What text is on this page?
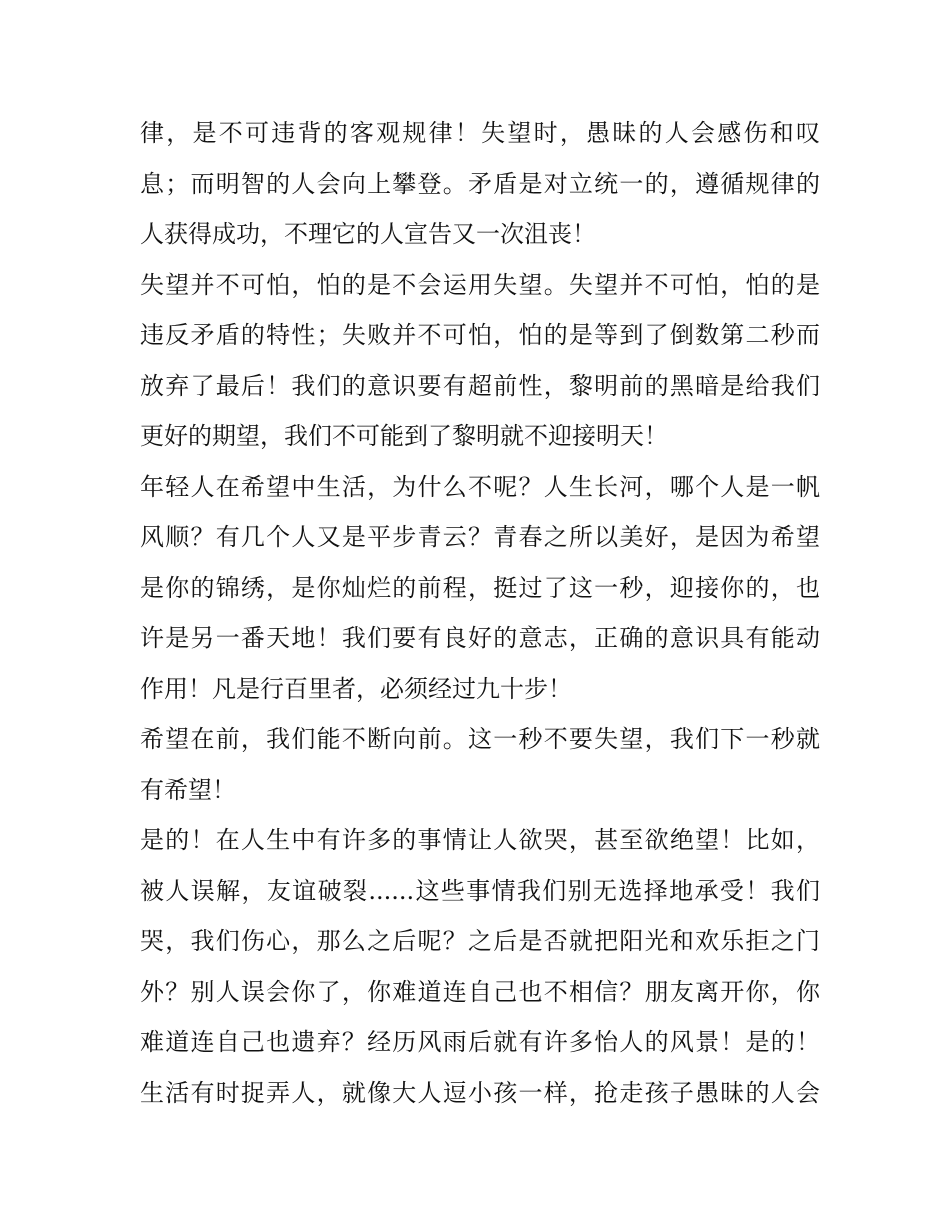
律，是不可违背的客观规律！失望时，愚昧的人会感伤和叹
息；而明智的人会向上攀登。矛盾是对立统一的，遵循规律的
人获得成功，不理它的人宣告又一次沮丧！
失望并不可怕，怕的是不会运用失望。失望并不可怕，怕的是
违反矛盾的特性；失败并不可怕，怕的是等到了倒数第二秒而
放弃了最后！我们的意识要有超前性，黎明前的黑暗是给我们
更好的期望，我们不可能到了黎明就不迎接明天！
年轻人在希望中生活，为什么不呢？人生长河，哪个人是一帆
风顺？有几个人又是平步青云？青春之所以美好，是因为希望
是你的锦绣，是你灿烂的前程，挺过了这一秒，迎接你的，也
许是另一番天地！我们要有良好的意志，正确的意识具有能动
作用！凡是行百里者，必须经过九十步！
希望在前，我们能不断向前。这一秒不要失望，我们下一秒就
有希望！
是的！在人生中有许多的事情让人欲哭，甚至欲绝望！比如，
被人误解，友谊破裂......这些事情我们别无选择地承受！我们
哭，我们伤心，那么之后呢？之后是否就把阳光和欢乐拒之门
外？别人误会你了，你难道连自己也不相信？朋友离开你，你
难道连自己也遗弃？经历风雨后就有许多怡人的风景！是的！
生活有时捉弄人，就像大人逗小孩一样，抢走孩子愚昧的人会
